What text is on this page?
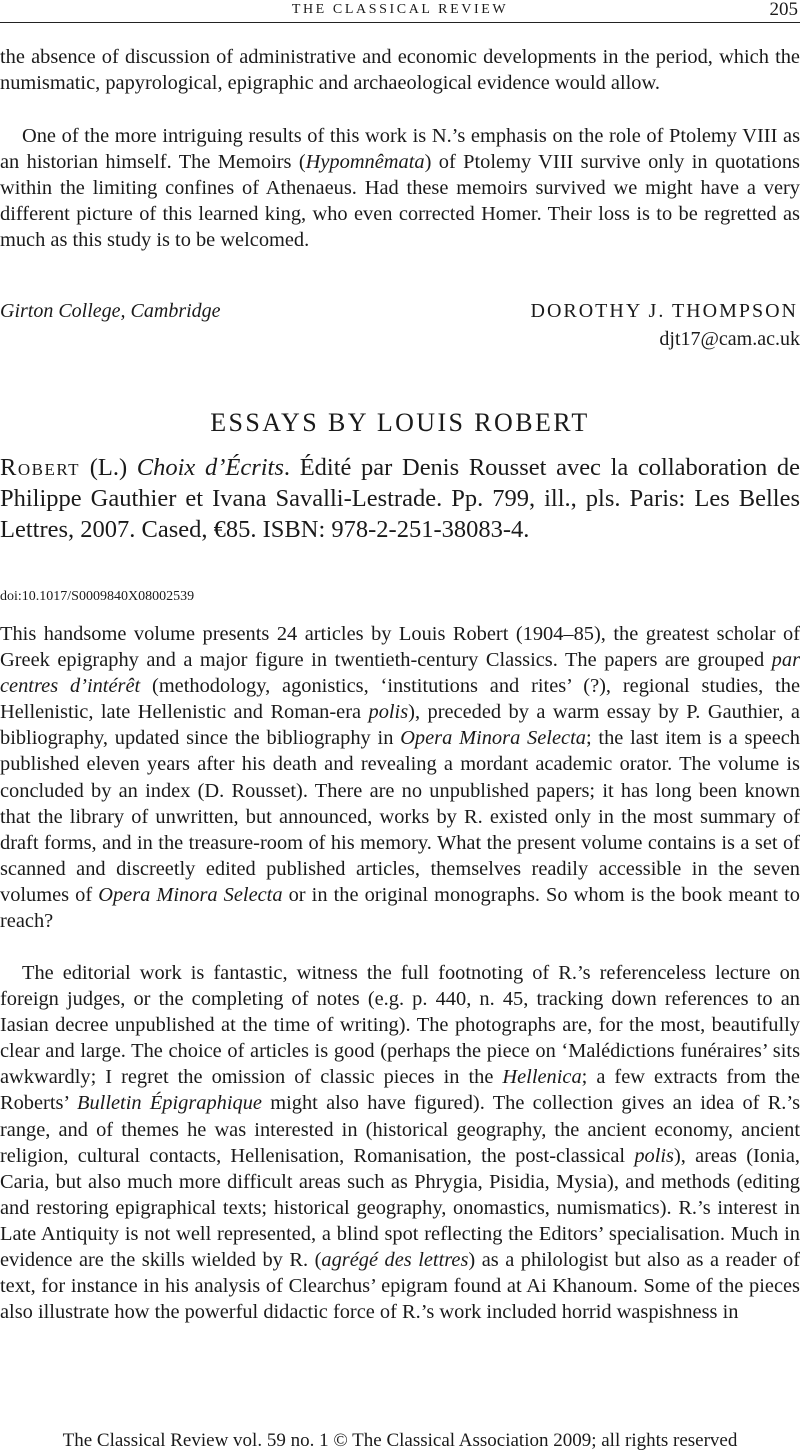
THE CLASSICAL REVIEW	205

the absence of discussion of administrative and economic developments in the period, which the numismatic, papyrological, epigraphic and archaeological evidence would allow.

One of the more intriguing results of this work is N.’s emphasis on the role of Ptolemy VIII as an historian himself. The Memoirs (Hypomnêmata) of Ptolemy VIII survive only in quotations within the limiting confines of Athenaeus. Had these memoirs survived we might have a very different picture of this learned king, who even corrected Homer. Their loss is to be regretted as much as this study is to be welcomed.

Girton College, Cambridge	DOROTHY J. THOMPSON
djt17@cam.ac.uk
ESSAYS BY LOUIS ROBERT

Robert (L.) Choix d’Écrits. Édité par Denis Rousset avec la collaboration de Philippe Gauthier et Ivana Savalli-Lestrade. Pp. 799, ill., pls. Paris: Les Belles Lettres, 2007. Cased, €85. ISBN: 978-2-251-38083-4.

doi:10.1017/S0009840X08002539

This handsome volume presents 24 articles by Louis Robert (1904–85), the greatest scholar of Greek epigraphy and a major figure in twentieth-century Classics. The papers are grouped par centres d’intérêt (methodology, agonistics, ‘institutions and rites’ (?), regional studies, the Hellenistic, late Hellenistic and Roman-era polis), preceded by a warm essay by P. Gauthier, a bibliography, updated since the bibliography in Opera Minora Selecta; the last item is a speech published eleven years after his death and revealing a mordant academic orator. The volume is concluded by an index (D. Rousset). There are no unpublished papers; it has long been known that the library of unwritten, but announced, works by R. existed only in the most summary of draft forms, and in the treasure-room of his memory. What the present volume contains is a set of scanned and discreetly edited published articles, themselves readily accessible in the seven volumes of Opera Minora Selecta or in the original monographs. So whom is the book meant to reach?

The editorial work is fantastic, witness the full footnoting of R.’s referenceless lecture on foreign judges, or the completing of notes (e.g. p. 440, n. 45, tracking down references to an Iasian decree unpublished at the time of writing). The photographs are, for the most, beautifully clear and large. The choice of articles is good (perhaps the piece on ‘Malédictions funéraires’ sits awkwardly; I regret the omission of classic pieces in the Hellenica; a few extracts from the Roberts’ Bulletin Épigraphique might also have figured). The collection gives an idea of R.’s range, and of themes he was interested in (historical geography, the ancient economy, ancient religion, cultural contacts, Hellenisation, Romanisation, the post-classical polis), areas (Ionia, Caria, but also much more difficult areas such as Phrygia, Pisidia, Mysia), and methods (editing and restoring epigraphical texts; historical geography, onomastics, numismatics). R.’s interest in Late Antiquity is not well represented, a blind spot reflecting the Editors’ specialisation. Much in evidence are the skills wielded by R. (agrégé des lettres) as a philologist but also as a reader of text, for instance in his analysis of Clearchus’ epigram found at Ai Khanoum. Some of the pieces also illustrate how the powerful didactic force of R.’s work included horrid waspishness in

The Classical Review vol. 59 no. 1 © The Classical Association 2009; all rights reserved
